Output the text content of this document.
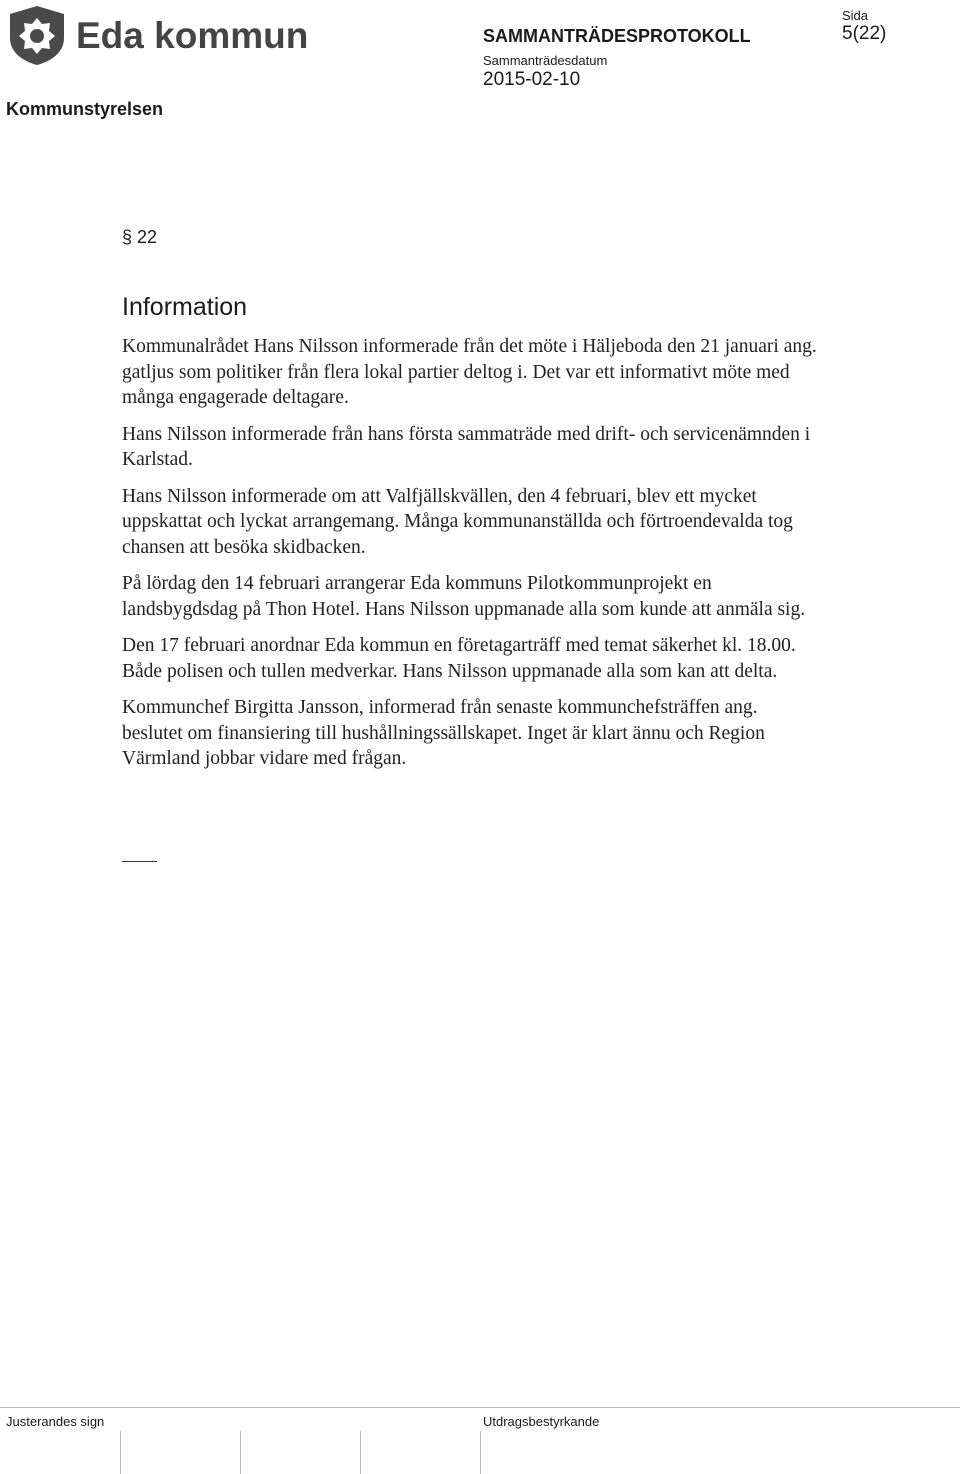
Eda kommun	SAMMANTRÄDESPROTOKOLL
Sammanträdesdatum
2015-02-10
Sida
5(22)
Kommunstyrelsen
§ 22
Information

Kommunalrådet Hans Nilsson informerade från det möte i Häljeboda den 21 januari ang. gatljus som politiker från flera lokal partier deltog i. Det var ett informativt möte med många engagerade deltagare.

Hans Nilsson informerade från hans första sammaträde med drift- och servicenämnden i Karlstad.

Hans Nilsson informerade om att Valfjällskvällen, den 4 februari, blev ett mycket uppskattat och lyckat arrangemang. Många kommunanställda och förtroendevalda tog chansen att besöka skidbacken.

På lördag den 14 februari arrangerar Eda kommuns Pilotkommunprojekt en landsbygdsdag på Thon Hotel. Hans Nilsson uppmanade alla som kunde att anmäla sig.

Den 17 februari anordnar Eda kommun en företagarträff med temat säkerhet kl. 18.00. Både polisen och tullen medverkar. Hans Nilsson uppmanade alla som kan att delta.

Kommunchef Birgitta Jansson, informerad från senaste kommunchefsträffen ang. beslutet om finansiering till hushållningssällskapet. Inget är klart ännu och Region Värmland jobbar vidare med frågan.

Justerandes sign	Utdragsbestyrkande
